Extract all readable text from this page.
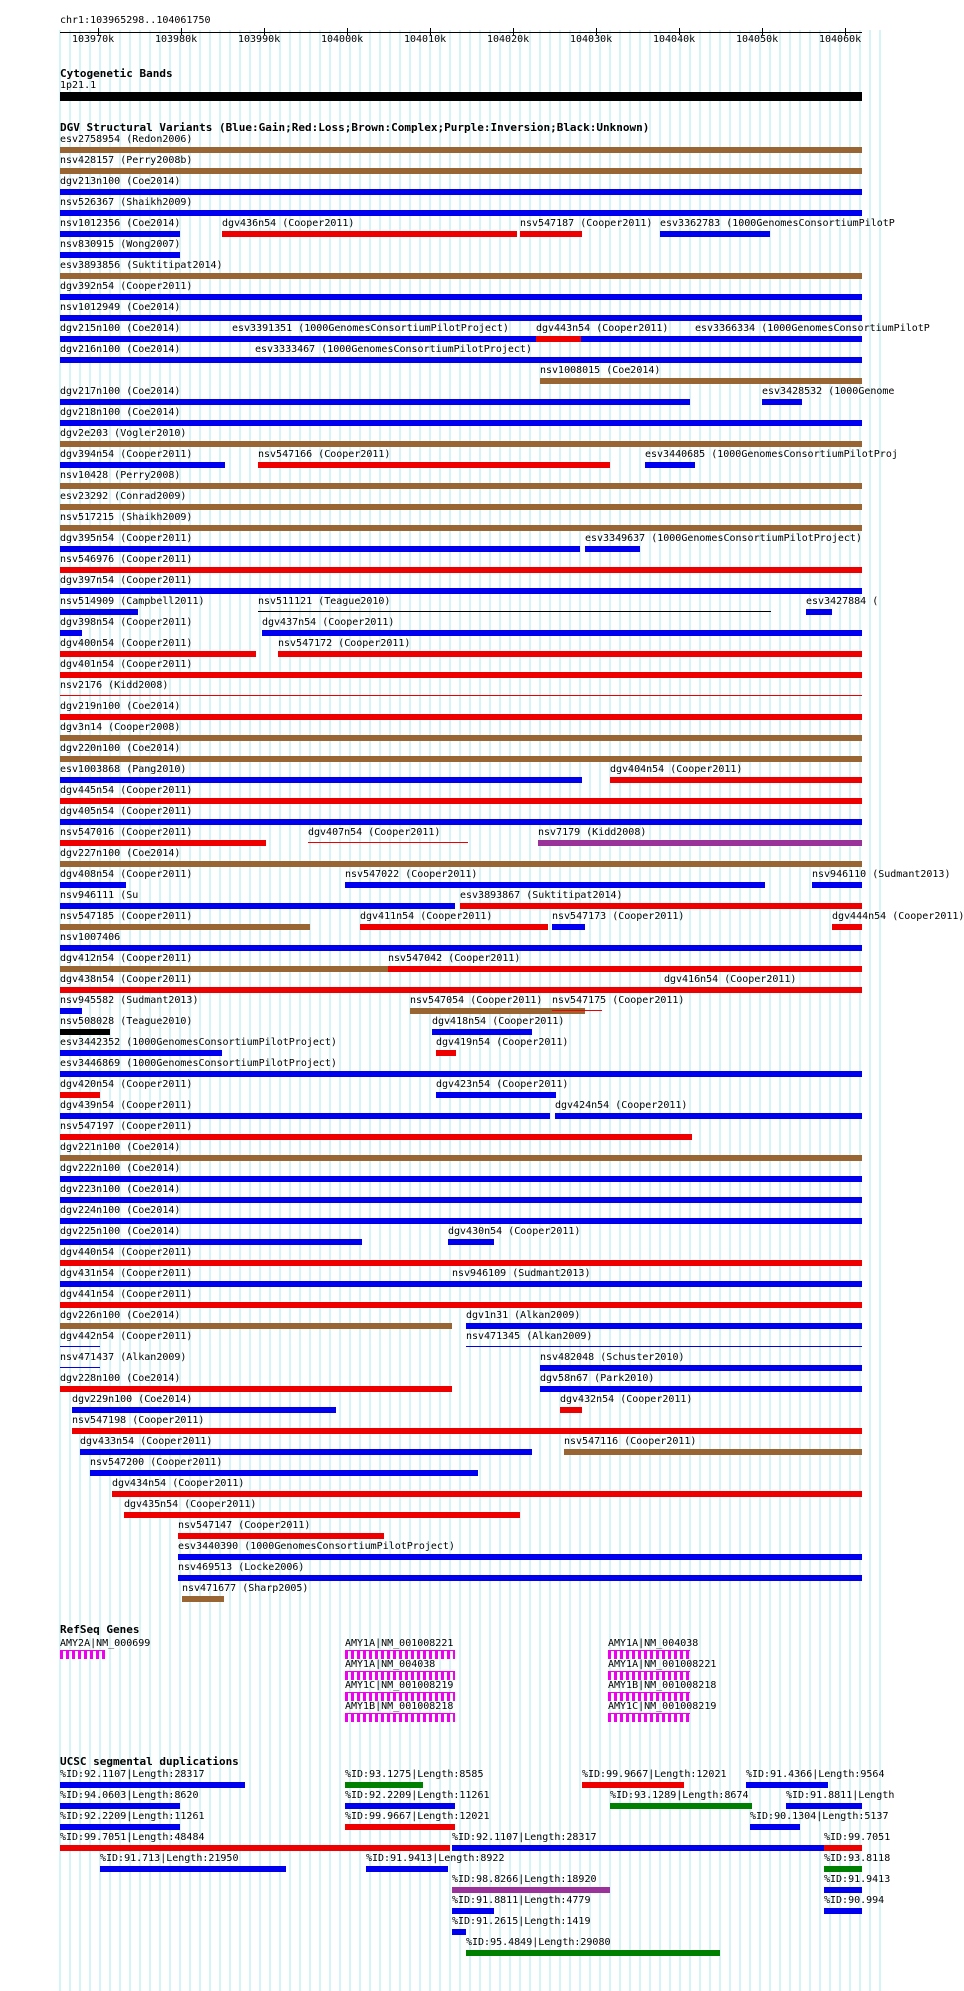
chr1:103965298..104061750
103970k	103980k	103990k	104000k	104010k	104020k	104030k	104040k	104050k	104060k
Cytogenetic Bands
1p21.1
DGV Structural Variants (Blue:Gain;Red:Loss;Brown:Complex;Purple:Inversion;Black:Unknown)
esv2758954 (Redon2006)
nsv428157 (Perry2008b)
dgv213n100 (Coe2014)
nsv526367 (Shaikh2009)
nsv1012356 (Coe2014)	dgv436n54 (Cooper2011)	nsv547187 (Cooper2011) esv3362783 (1000GenomesConsortiumPilotP
nsv830915 (Wong2007)
esv3893856 (Suktitipat2014)
dgv392n54 (Cooper2011)
nsv1012949 (Coe2014)
dgv215n100 (Coe2014)	esv3391351 (1000GenomesConsortiumPilotProject)	dgv443n54 (Cooper2011)	esv3366334 (1000GenomesConsortiumPilotP
esv3333467 (1000GenomesConsortiumPilotProject)
dgv216n100 (Coe2014)
nsv1008015 (Coe2014)
dgv217n100 (Coe2014)	esv3428532 (1000Genome
dgv218n100 (Coe2014)
dgv2e203 (Vogler2010)
dgv394n54 (Cooper2011)	nsv547166 (Cooper2011)	esv3440685 (1000GenomesConsortiumPilotProj
nsv10428 (Perry2008)
esv23292 (Conrad2009)
nsv517215 (Shaikh2009)
dgv395n54 (Cooper2011)	esv3349637 (1000GenomesConsortiumPilotProject)
nsv546976 (Cooper2011)
dgv397n54 (Cooper2011)
nsv514909 (Campbell2011)	nsv511121 (Teague2010)	esv3427884 (
dgv398n54 (Cooper2011)	dgv437n54 (Cooper2011)
dgv400n54 (Cooper2011)	nsv547172 (Cooper2011)
dgv401n54 (Cooper2011)
nsv2176 (Kidd2008)
dgv219n100 (Coe2014)
dgv3n14 (Cooper2008)
dgv220n100 (Coe2014)
esv1003868 (Pang2010)	dgv404n54 (Cooper2011)
dgv445n54 (Cooper2011)
dgv405n54 (Cooper2011)
nsv547016 (Cooper2011)	dgv407n54 (Cooper2011)	nsv7179 (Kidd2008)
dgv227n100 (Coe2014)
dgv408n54 (Cooper2011)	nsv547022 (Cooper2011)	nsv946110 (Sudmant2013)
nsv946111 (Su	esv3893867 (Suktitipat2014)
nsv547185 (Cooper2011)	dgv411n54 (Cooper2011)	nsv547173 (Cooper2011)	dgv444n54 (Cooper2011)
nsv1007406
dgv412n54 (Cooper2011)	nsv547042 (Cooper2011)
dgv438n54 (Cooper2011)	dgv416n54 (Cooper2011)
nsv945582 (Sudmant2013)	nsv547054 (Cooper2011) nsv547175 (Cooper2011)
nsv508028 (Teague2010)	dgv418n54 (Cooper2011)
esv3442352 (1000GenomesConsortiumPilotProject)	dgv419n54 (Cooper2011)
esv3446869 (1000GenomesConsortiumPilotProject)
dgv420n54 (Cooper2011)	dgv423n54 (Cooper2011)
dgv439n54 (Cooper2011)	dgv424n54 (Cooper2011)
nsv547197 (Cooper2011)
dgv221n100 (Coe2014)
dgv222n100 (Coe2014)
dgv223n100 (Coe2014)
dgv224n100 (Coe2014)
dgv225n100 (Coe2014)	dgv430n54 (Cooper2011)
dgv440n54 (Cooper2011)
dgv431n54 (Cooper2011)	nsv946109 (Sudmant2013)
dgv441n54 (Cooper2011)
dgv226n100 (Coe2014)	dgv1n31 (Alkan2009)
dgv442n54 (Cooper2011)	nsv471345 (Alkan2009)
nsv471437 (Alkan2009)	nsv482048 (Schuster2010)
dgv228n100 (Coe2014)	dgv58n67 (Park2010)
dgv229n100 (Coe2014)	dgv432n54 (Cooper2011)
nsv547198 (Cooper2011)
dgv433n54 (Cooper2011)	nsv547116 (Cooper2011)
nsv547200 (Cooper2011)
dgv434n54 (Cooper2011)
dgv435n54 (Cooper2011)
nsv547147 (Cooper2011)
esv3440390 (1000GenomesConsortiumPilotProject)
nsv469513 (Locke2006)
nsv471677 (Sharp2005)
RefSeq Genes
AMY2A|NM_000699	AMY1A|NM_001008221
AMY1A|NM_004038
AMY1C|NM_001008219
AMY1B|NM_001008218
AMY1A|NM_004038
AMY1A|NM_001008221
AMY1B|NM_001008218
AMY1C|NM_001008219
UCSC segmental duplications
%ID:92.1107|Length:28317	%ID:93.1275|Length:8585	%ID:99.9667|Length:12021 %ID:91.4366|Length:9564
%ID:94.0603|Length:8620	%ID:92.2209|Length:11261	%ID:93.1289|Length:8674	%ID:91.8811|Length
%ID:92.2209|Length:11261	%ID:99.9667|Length:12021	%ID:90.1304|Length:5137
%ID:99.7051|Length:48484	%ID:92.1107|Length:28317	%ID:99.7051
%ID:91.713|Length:21950	%ID:91.9413|Length:8922	%ID:93.8118
%ID:98.8266|Length:18920	%ID:91.9413
%ID:91.8811|Length:4779	%ID:90.994
%ID:91.2615|Length:1419
%ID:95.4849|Length:29080
